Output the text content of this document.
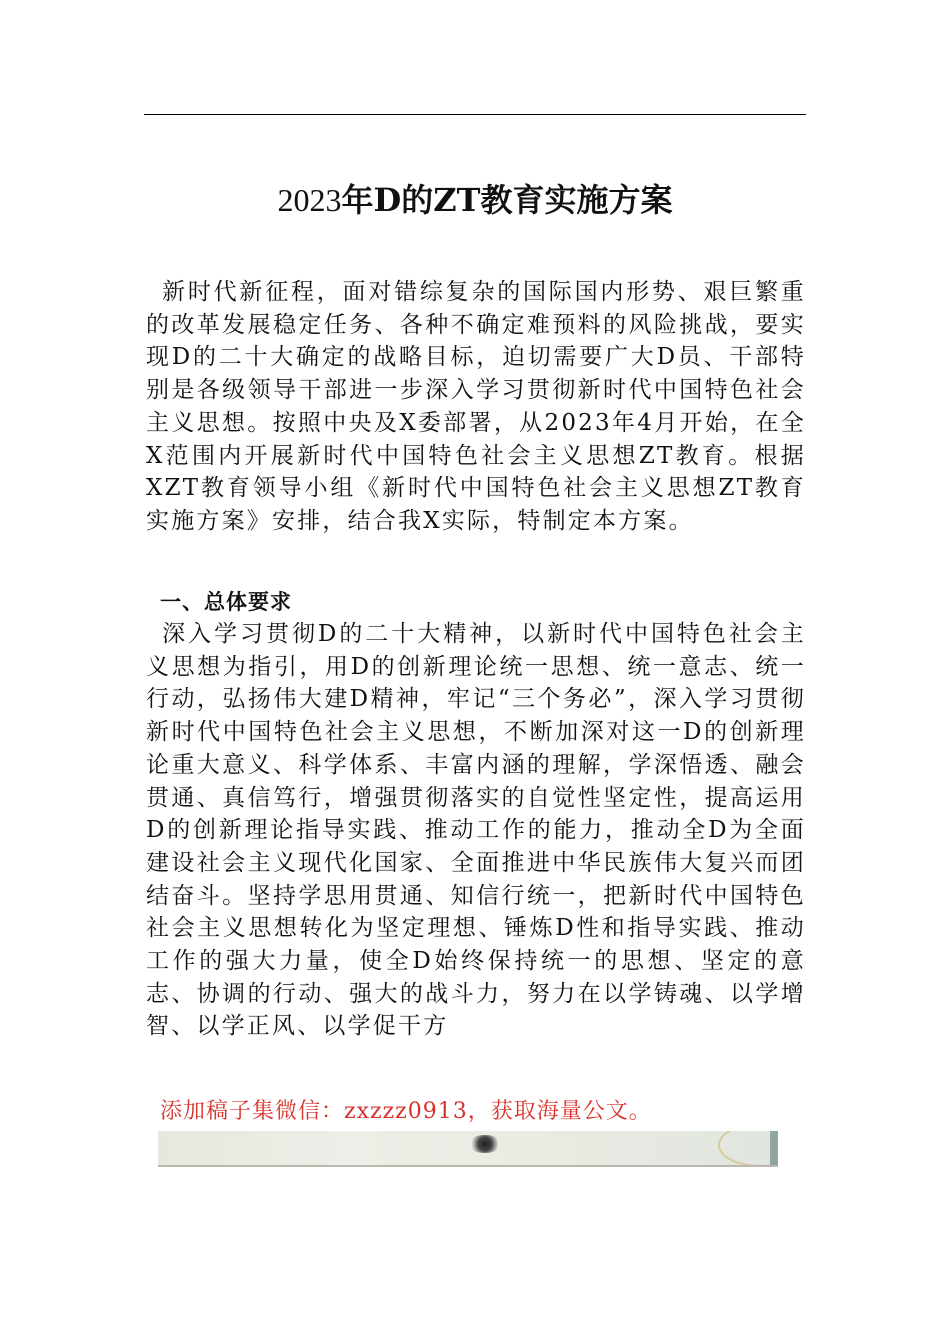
2023年D的ZT教育实施方案

新时代新征程，面对错综复杂的国际国内形势、艰巨繁重的改革发展稳定任务、各种不确定难预料的风险挑战，要实现D的二十大确定的战略目标，迫切需要广大D员、干部特别是各级领导干部进一步深入学习贯彻新时代中国特色社会主义思想。按照中央及X委部署，从2023年4月开始，在全X范围内开展新时代中国特色社会主义思想ZT教育。根据XZT教育领导小组《新时代中国特色社会主义思想ZT教育实施方案》安排，结合我X实际，特制定本方案。

一、总体要求

深入学习贯彻D的二十大精神，以新时代中国特色社会主义思想为指引，用D的创新理论统一思想、统一意志、统一行动，弘扬伟大建D精神，牢记“三个务必”，深入学习贯彻新时代中国特色社会主义思想，不断加深对这一D的创新理论重大意义、科学体系、丰富内涵的理解，学深悟透、融会贯通、真信笃行，增强贯彻落实的自觉性坚定性，提高运用D的创新理论指导实践、推动工作的能力，推动全D为全面建设社会主义现代化国家、全面推进中华民族伟大复兴而团结奋斗。坚持学思用贯通、知信行统一，把新时代中国特色社会主义思想转化为坚定理想、锤炼D性和指导实践、推动工作的强大力量，使全D始终保持统一的思想、坚定的意志、协调的行动、强大的战斗力，努力在以学铸魂、以学增智、以学正风、以学促干方

添加稿子集微信：zxzzz0913，获取海量公文。
